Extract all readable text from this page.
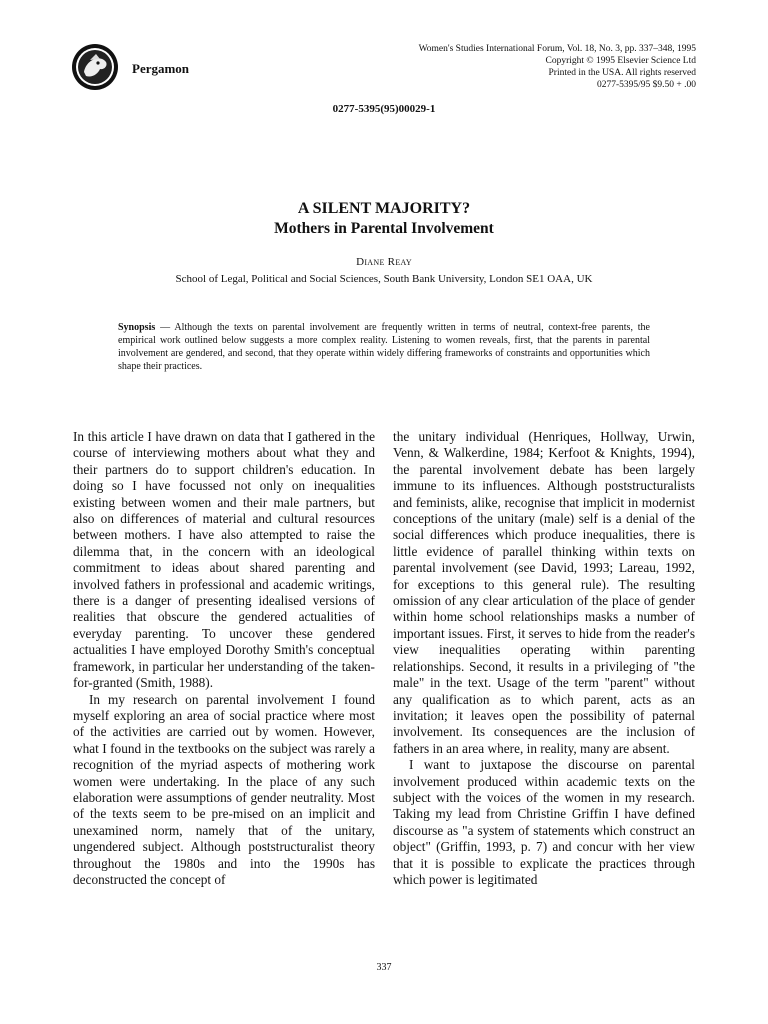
Pergamon
Women's Studies International Forum, Vol. 18, No. 3, pp. 337–348, 1995
Copyright © 1995 Elsevier Science Ltd
Printed in the USA. All rights reserved
0277-5395/95 $9.50 + .00
0277-5395(95)00029-1
A SILENT MAJORITY?
Mothers in Parental Involvement
Diane Reay
School of Legal, Political and Social Sciences, South Bank University, London SE1 OAA, UK
Synopsis — Although the texts on parental involvement are frequently written in terms of neutral, context-free parents, the empirical work outlined below suggests a more complex reality. Listening to women reveals, first, that the parents in parental involvement are gendered, and second, that they operate within widely differing frameworks of constraints and opportunities which shape their practices.

In this article I have drawn on data that I gathered in the course of interviewing mothers about what they and their partners do to support children's education. In doing so I have focussed not only on inequalities existing between women and their male partners, but also on differences of material and cultural resources between mothers. I have also attempted to raise the dilemma that, in the concern with an ideological commitment to ideas about shared parenting and involved fathers in professional and academic writings, there is a danger of presenting idealised versions of realities that obscure the gendered actualities of everyday parenting. To uncover these gendered actualities I have employed Dorothy Smith's conceptual framework, in particular her understanding of the taken-for-granted (Smith, 1988).

In my research on parental involvement I found myself exploring an area of social practice where most of the activities are carried out by women. However, what I found in the textbooks on the subject was rarely a recognition of the myriad aspects of mothering work women were undertaking. In the place of any such elaboration were assumptions of gender neutrality. Most of the texts seem to be pre-mised on an implicit and unexamined norm, namely that of the unitary, ungendered subject. Although poststructuralist theory throughout the 1980s and into the 1990s has deconstructed the concept of

the unitary individual (Henriques, Hollway, Urwin, Venn, & Walkerdine, 1984; Kerfoot & Knights, 1994), the parental involvement debate has been largely immune to its influences. Although poststructuralists and feminists, alike, recognise that implicit in modernist conceptions of the unitary (male) self is a denial of the social differences which produce inequalities, there is little evidence of parallel thinking within texts on parental involvement (see David, 1993; Lareau, 1992, for exceptions to this general rule). The resulting omission of any clear articulation of the place of gender within home school relationships masks a number of important issues. First, it serves to hide from the reader's view inequalities operating within parenting relationships. Second, it results in a privileging of "the male" in the text. Usage of the term "parent" without any qualification as to which parent, acts as an invitation; it leaves open the possibility of paternal involvement. Its consequences are the inclusion of fathers in an area where, in reality, many are absent.

I want to juxtapose the discourse on parental involvement produced within academic texts on the subject with the voices of the women in my research. Taking my lead from Christine Griffin I have defined discourse as "a system of statements which construct an object" (Griffin, 1993, p. 7) and concur with her view that it is possible to explicate the practices through which power is legitimated

337
